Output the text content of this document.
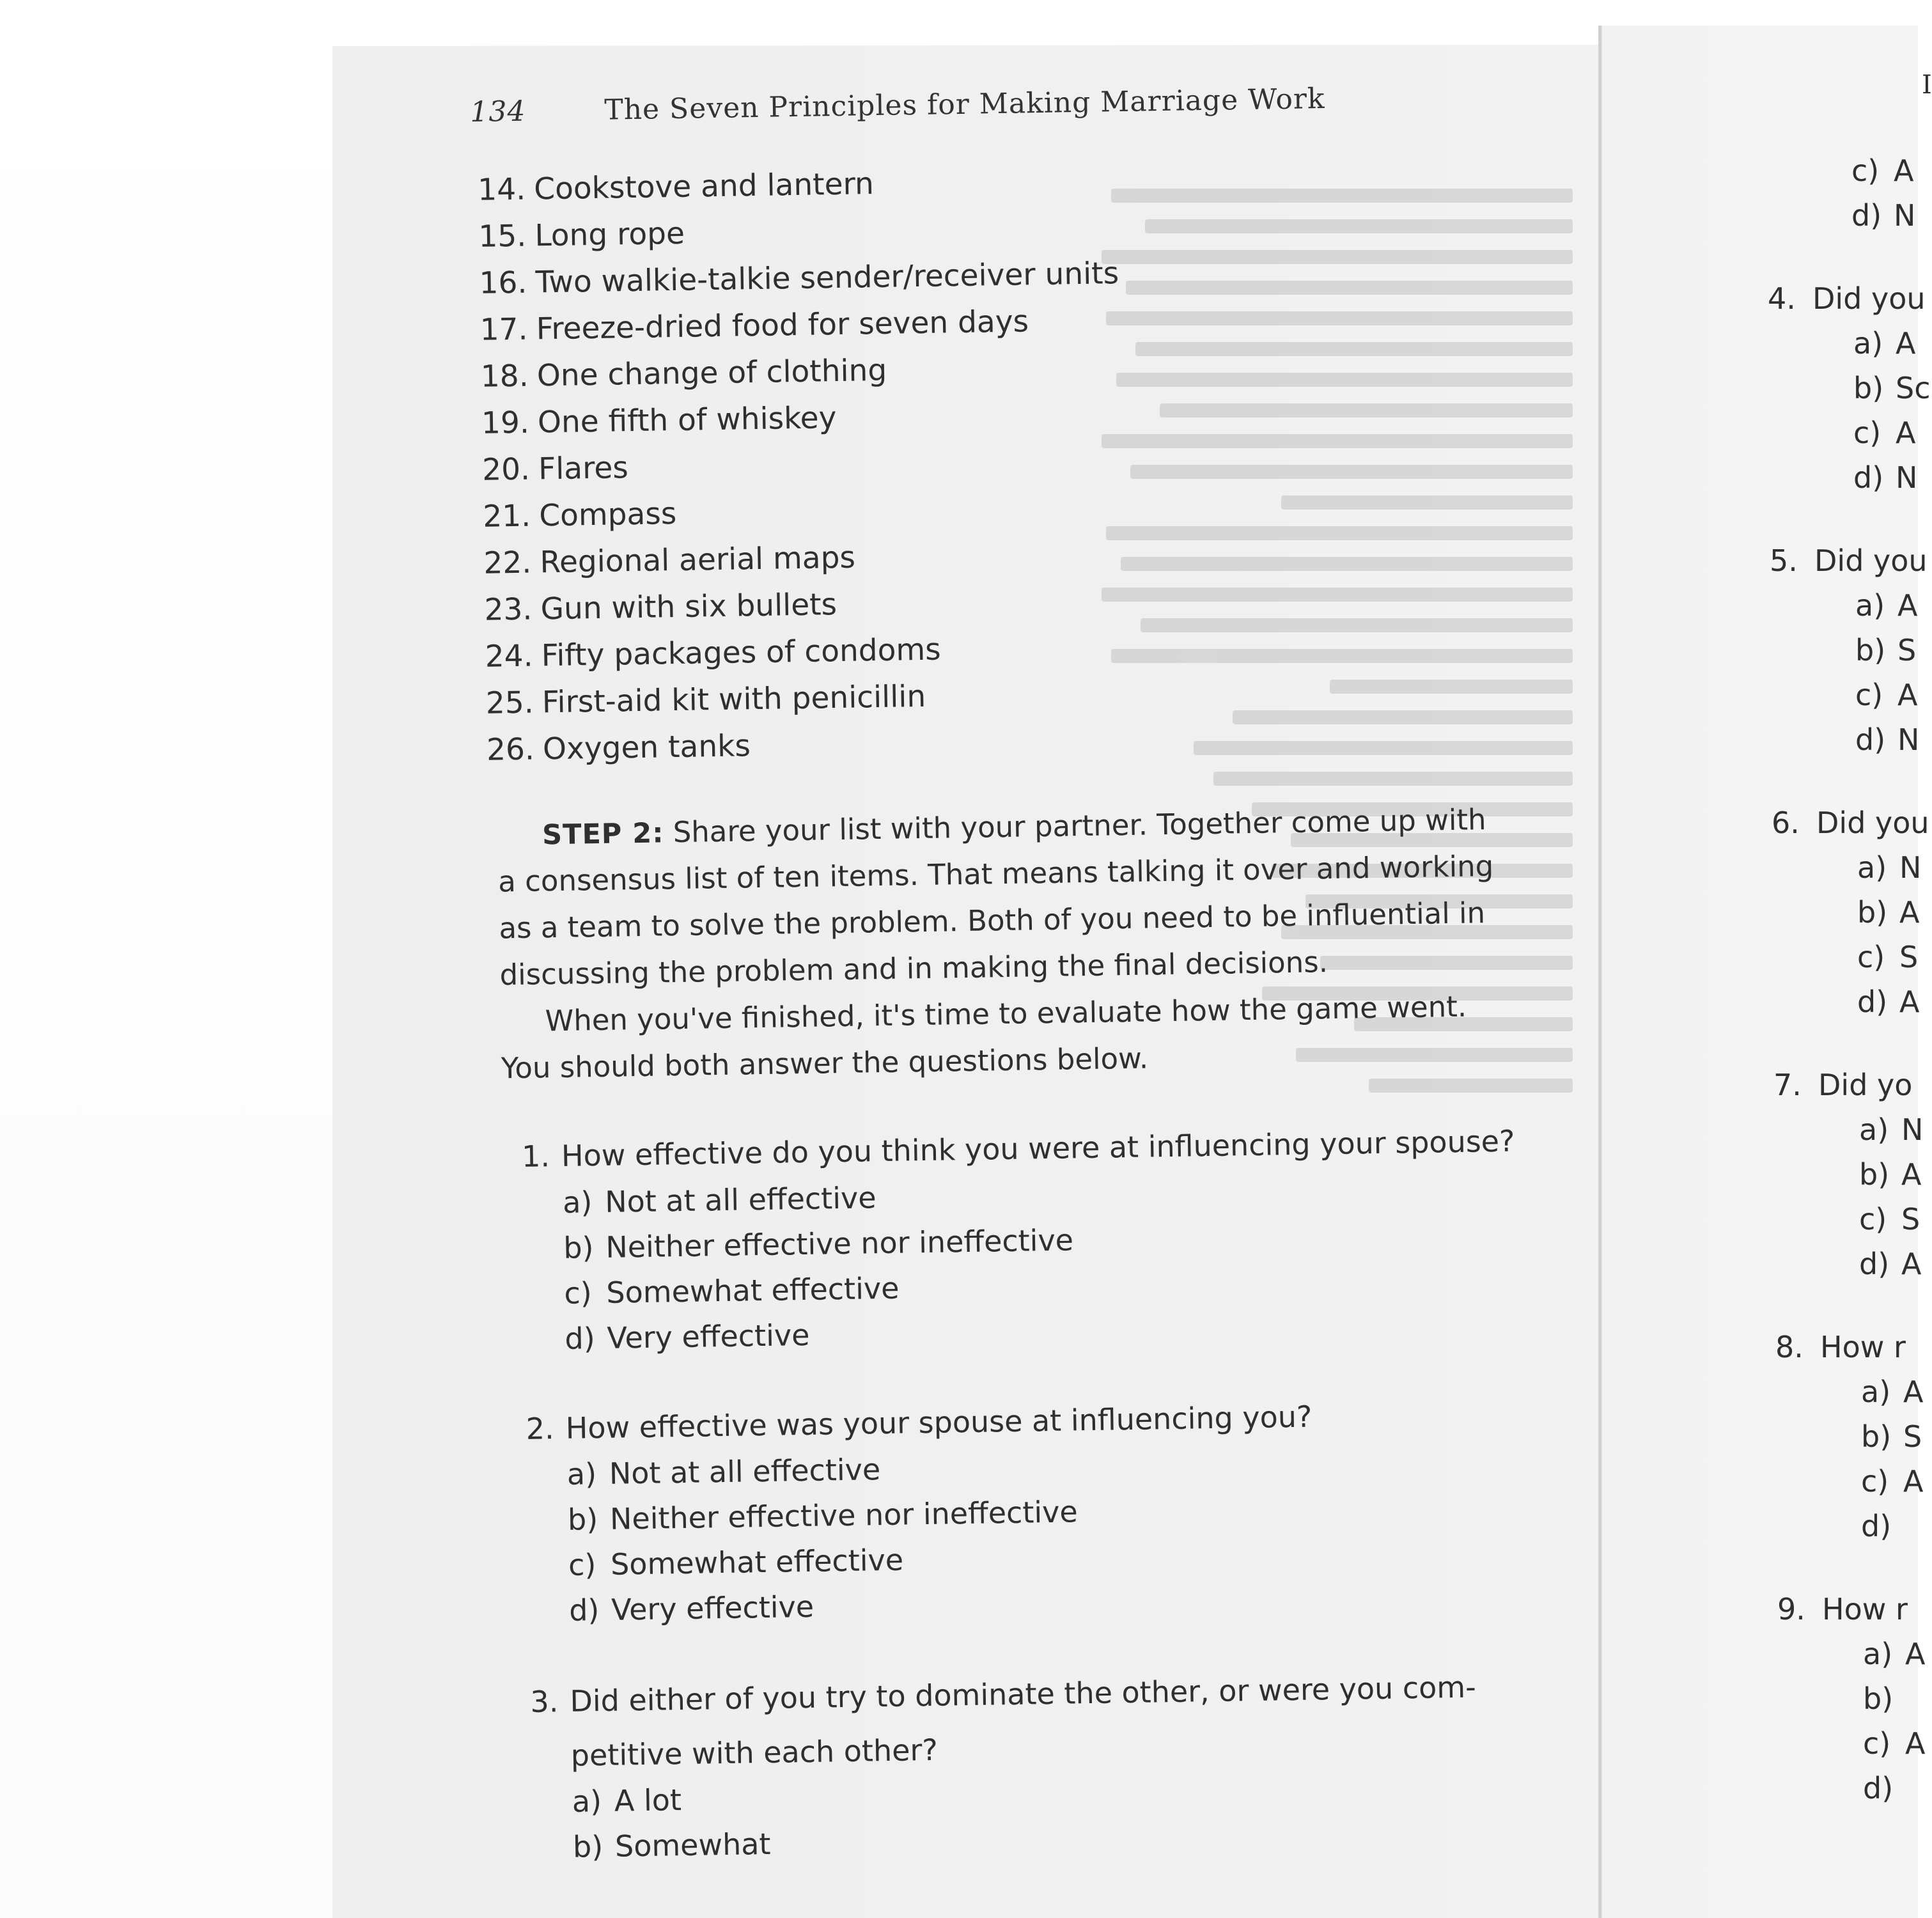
134	The Seven Principles for Making Marriage Work
14. Cookstove and lantern
15. Long rope
16. Two walkie-talkie sender/receiver units
17. Freeze-dried food for seven days
18. One change of clothing
19. One fifth of whiskey
20. Flares
21. Compass
22. Regional aerial maps
23. Gun with six bullets
24. Fifty packages of condoms
25. First-aid kit with penicillin
26. Oxygen tanks
STEP 2: Share your list with your partner. Together come up with
a consensus list of ten items. That means talking it over and working
as a team to solve the problem. Both of you need to be influential in
discussing the problem and in making the final decisions.
When you've finished, it's time to evaluate how the game went.
You should both answer the questions below.
1. How effective do you think you were at influencing your spouse?
a) Not at all effective
b) Neither effective nor ineffective
c) Somewhat effective
d) Very effective
2. How effective was your spouse at influencing you?
a) Not at all effective
b) Neither effective nor ineffective
c) Somewhat effective
d) Very effective
3. Did either of you try to dominate the other, or were you com-
petitive with each other?
a) A lot
b) Somewhat
I
c) A
d) N
4. Did you
a) A
b) Sc
c) A
d) N
5. Did you
a) A
b) S
c) A
d) N
6. Did you
a) N
b) A
c) S
d) A
7. Did yo
a) N
b) A
c) S
d) A
8. How r
a) A
b) S
c) A
d)
9. How r
a) A
b)
c) A
d)
